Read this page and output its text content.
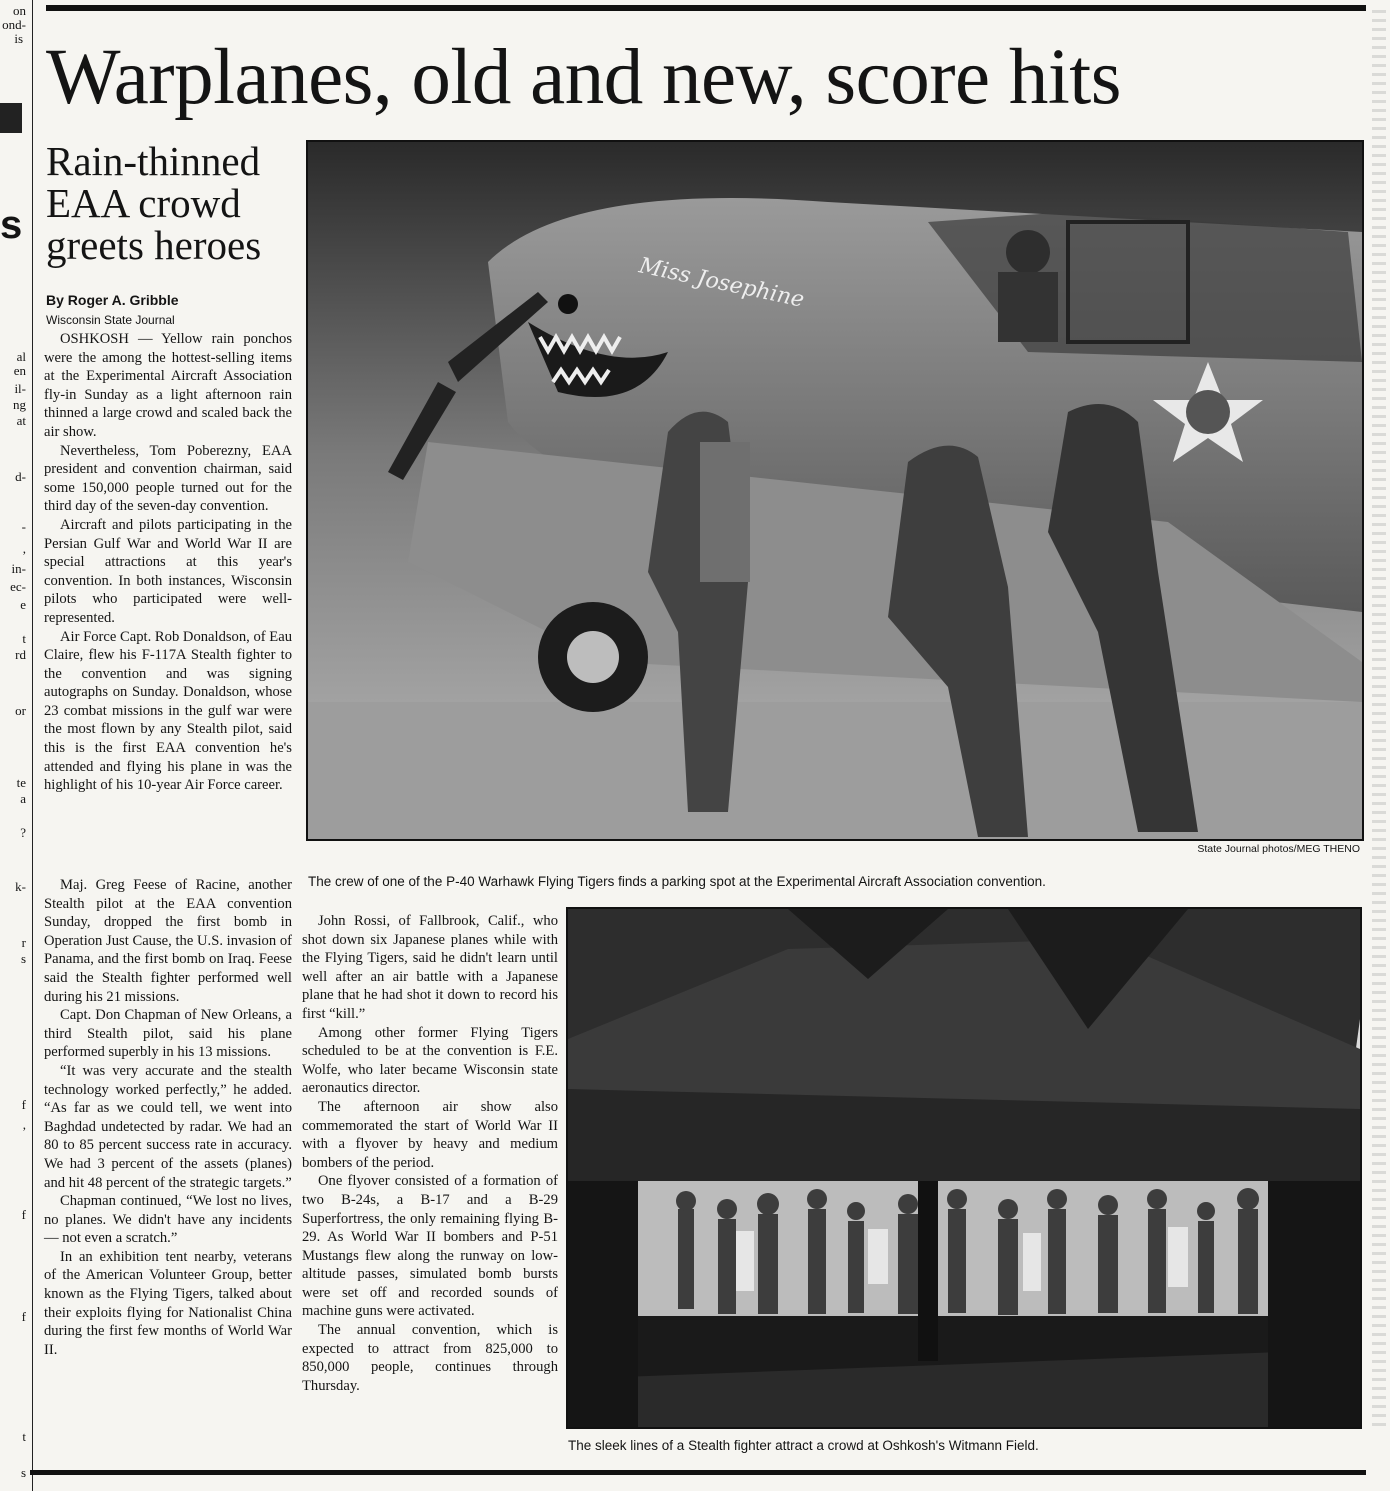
on
ond-
is
s
al
en
il-
ng
at
d-
-
,
in-
ec-
e
t
rd
or
te
a
?
k-
r
s
f
,
f
f
t
s
Warplanes, old and new, score hits
Rain-thinned EAA crowd greets heroes
By Roger A. Gribble
Wisconsin State Journal

OSHKOSH — Yellow rain ponchos were the among the hottest-selling items at the Experimental Aircraft Association fly-in Sunday as a light afternoon rain thinned a large crowd and scaled back the air show.

Nevertheless, Tom Poberezny, EAA president and convention chairman, said some 150,000 people turned out for the third day of the seven-day convention.

Aircraft and pilots participating in the Persian Gulf War and World War II are special attractions at this year's convention. In both instances, Wisconsin pilots who participated were well-represented.

Air Force Capt. Rob Donaldson, of Eau Claire, flew his F-117A Stealth fighter to the convention and was signing autographs on Sunday. Donaldson, whose 23 combat missions in the gulf war were the most flown by any Stealth pilot, said this is the first EAA convention he's attended and flying his plane in was the highlight of his 10-year Air Force career.

Maj. Greg Feese of Racine, another Stealth pilot at the EAA convention Sunday, dropped the first bomb in Operation Just Cause, the U.S. invasion of Panama, and the first bomb on Iraq. Feese said the Stealth fighter performed well during his 21 missions.

Capt. Don Chapman of New Orleans, a third Stealth pilot, said his plane performed superbly in his 13 missions.

“It was very accurate and the stealth technology worked perfectly,” he added. “As far as we could tell, we went into Baghdad undetected by radar. We had an 80 to 85 percent success rate in accuracy. We had 3 percent of the assets (planes) and hit 48 percent of the strategic targets.”

Chapman continued, “We lost no lives, no planes. We didn't have any incidents — not even a scratch.”

In an exhibition tent nearby, veterans of the American Volunteer Group, better known as the Flying Tigers, talked about their exploits flying for Nationalist China during the first few months of World War II.

John Rossi, of Fallbrook, Calif., who shot down six Japanese planes while with the Flying Tigers, said he didn't learn until well after an air battle with a Japanese plane that he had shot it down to record his first “kill.”

Among other former Flying Tigers scheduled to be at the convention is F.E. Wolfe, who later became Wisconsin state aeronautics director.

The afternoon air show also commemorated the start of World War II with a flyover by heavy and medium bombers of the period.

One flyover consisted of a formation of two B-24s, a B-17 and a B-29 Superfortress, the only remaining flying B-29. As World War II bombers and P-51 Mustangs flew along the runway on low-altitude passes, simulated bomb bursts were set off and recorded sounds of machine guns were activated.

The annual convention, which is expected to attract from 825,000 to 850,000 people, continues through Thursday.

Miss Josephine
State Journal photos/MEG THENO
The crew of one of the P-40 Warhawk Flying Tigers finds a parking spot at the Experimental Aircraft Association convention.
The sleek lines of a Stealth fighter attract a crowd at Oshkosh's Witmann Field.
